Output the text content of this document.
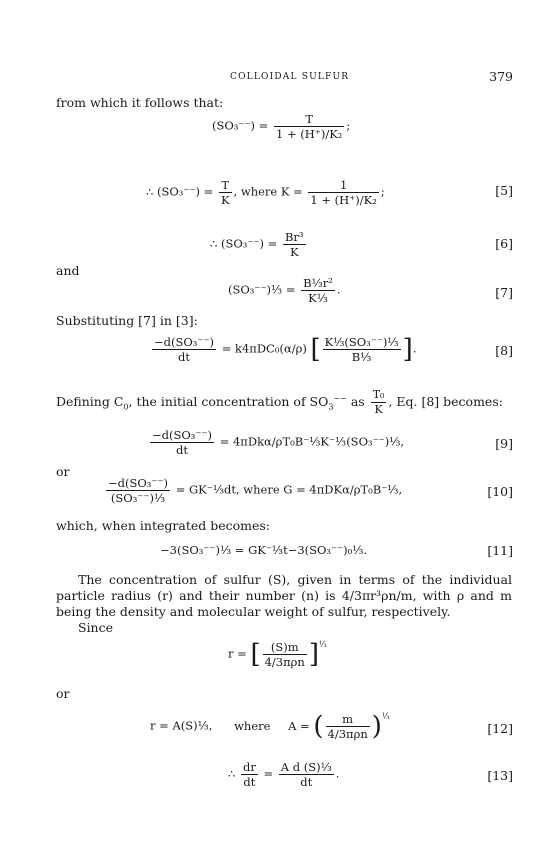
COLLOIDAL SULFUR	379
from which it follows that:
$(SO_3^{--}) = \frac{T}{\text{1 + (H⁺)/K₂}}$ ;
∴ $(SO_3^{--}) = \frac{T}{K}$ , where $K = \frac{1}{\text{1 + (H⁺)/K₂}}$ ;	[5]
∴ $(SO_3^{--}) = \frac{\text{Br³}}{K}$	[6]
and
(SO₃⁻⁻)⅓ = $\frac{\text{B⅓r²}}{\text{K⅓}}$ .	[7]
Substituting [7] in [3]:
$\frac{\text{−d(SO₃⁻⁻)}}{dt} = k4\pi DC_0(\alpha/\rho)$ [ $\frac{\text{K⅓(SO₃⁻⁻)⅓}}{\text{B⅓}}$ ].	[8]
Defining $C_0$, the initial concentration of $SO_3^{--}$ as $\frac{\text{T₀}}{K}$ , Eq. [8] becomes:
$\frac{\text{−d(SO₃⁻⁻)}}{dt}$ = 4πDkα/ρT₀B⁻⅓K⁻⅓(SO₃⁻⁻)⅓,	[9]
or
$\frac{\text{−d(SO₃⁻⁻)}}{\text{(SO₃⁻⁻)⅓}}$ = GK⁻⅓dt, where G = 4πDKα/ρT₀B⁻⅓,	[10]
which, when integrated becomes:
−3(SO₃⁻⁻)⅓ = GK⁻⅓t−3(SO₃⁻⁻)₀⅓.	[11]
The concentration of sulfur (S), given in terms of the individual particle radius (r) and their number (n) is 4/3πr³ρn/m, with ρ and m being the density and molecular weight of sulfur, respectively.
Since
r = [ $\frac{(S)m}{\text{4/3πρn}} ]^{\frac{1}{3}}$
or
r = A(S)⅓, where A = ( $\frac{m}{\text{4/3πρn}} )^{\frac{1}{3}}$
[12]
∴ $\frac{dr}{dt} = \frac{\text{A d (S)⅓}}{dt}$ .	[13]
